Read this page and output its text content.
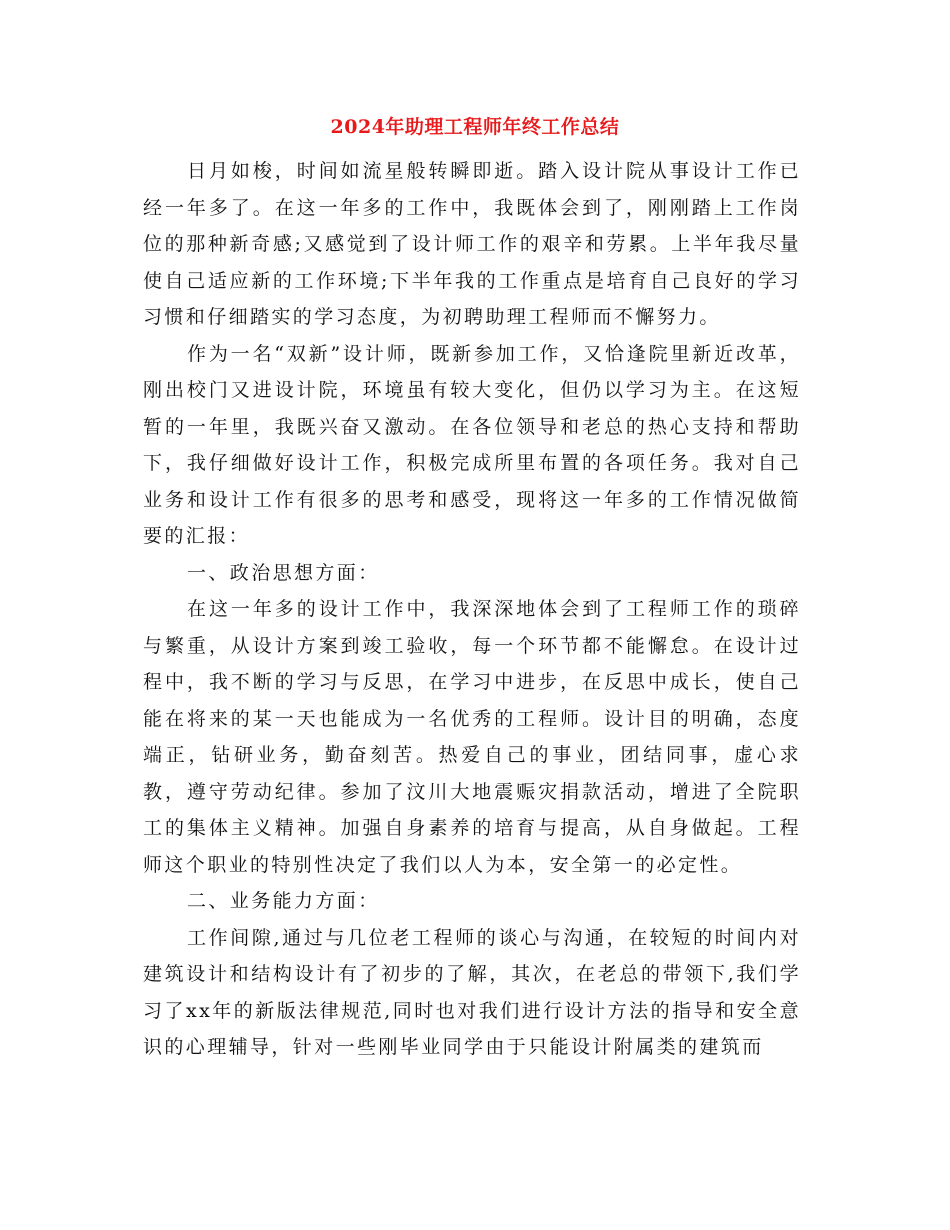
2024年助理工程师年终工作总结

日月如梭，时间如流星般转瞬即逝。踏入设计院从事设计工作已经一年多了。在这一年多的工作中，我既体会到了，刚刚踏上工作岗位的那种新奇感;又感觉到了设计师工作的艰辛和劳累。上半年我尽量使自己适应新的工作环境;下半年我的工作重点是培育自己良好的学习习惯和仔细踏实的学习态度，为初聘助理工程师而不懈努力。

作为一名“双新”设计师，既新参加工作，又恰逢院里新近改革，刚出校门又进设计院，环境虽有较大变化，但仍以学习为主。在这短暂的一年里，我既兴奋又激动。在各位领导和老总的热心支持和帮助下，我仔细做好设计工作，积极完成所里布置的各项任务。我对自己业务和设计工作有很多的思考和感受，现将这一年多的工作情况做简要的汇报：

一、政治思想方面：

在这一年多的设计工作中，我深深地体会到了工程师工作的琐碎与繁重，从设计方案到竣工验收，每一个环节都不能懈怠。在设计过程中，我不断的学习与反思，在学习中进步，在反思中成长，使自己能在将来的某一天也能成为一名优秀的工程师。设计目的明确，态度端正，钻研业务，勤奋刻苦。热爱自己的事业，团结同事，虚心求教，遵守劳动纪律。参加了汶川大地震赈灾捐款活动，增进了全院职工的集体主义精神。加强自身素养的培育与提高，从自身做起。工程师这个职业的特别性决定了我们以人为本，安全第一的必定性。

二、业务能力方面：

工作间隙,通过与几位老工程师的谈心与沟通，在较短的时间内对建筑设计和结构设计有了初步的了解，其次，在老总的带领下,我们学习了xx年的新版法律规范,同时也对我们进行设计方法的指导和安全意识的心理辅导，针对一些刚毕业同学由于只能设计附属类的建筑而
